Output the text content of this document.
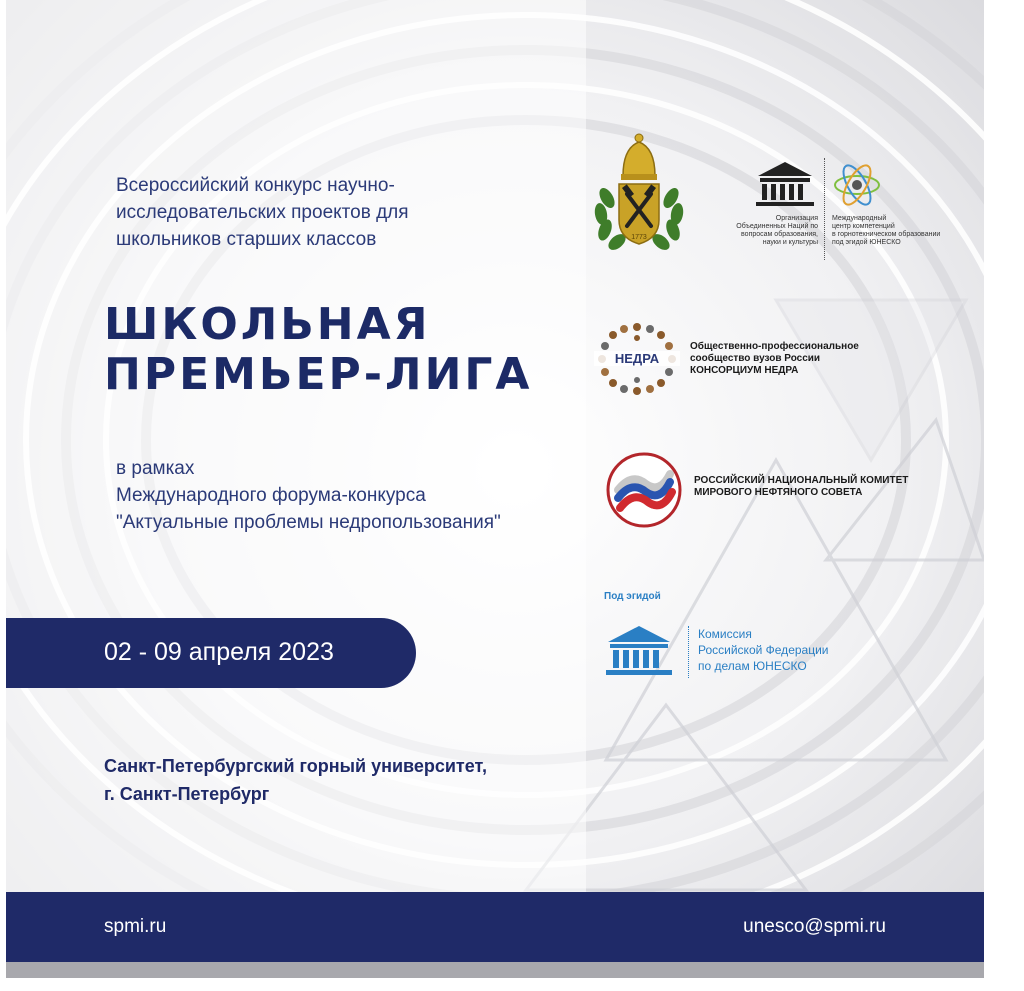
Всероссийский конкурс научно-
исследовательских проектов для
школьников старших классов
ШКОЛЬНАЯ
ПРЕМЬЕР-ЛИГА
в рамках
Международного форума-конкурса
"Актуальные проблемы недропользования"
02 - 09 апреля 2023
Санкт-Петербургский горный университет,
г. Санкт-Петербург
1773
Организация
Объединенных Наций по
вопросам образования,
науки и культуры
Международный
центр компетенций
в горнотехническом образовании
под эгидой ЮНЕСКО
НЕДРА
Общественно-профессиональное
сообщество вузов России
КОНСОРЦИУМ НЕДРА
РОССИЙСКИЙ НАЦИОНАЛЬНЫЙ КОМИТЕТ
МИРОВОГО НЕФТЯНОГО СОВЕТА
Под эгидой
Комиссия
Российской Федерации
по делам ЮНЕСКО
spmi.ru	unesco@spmi.ru
